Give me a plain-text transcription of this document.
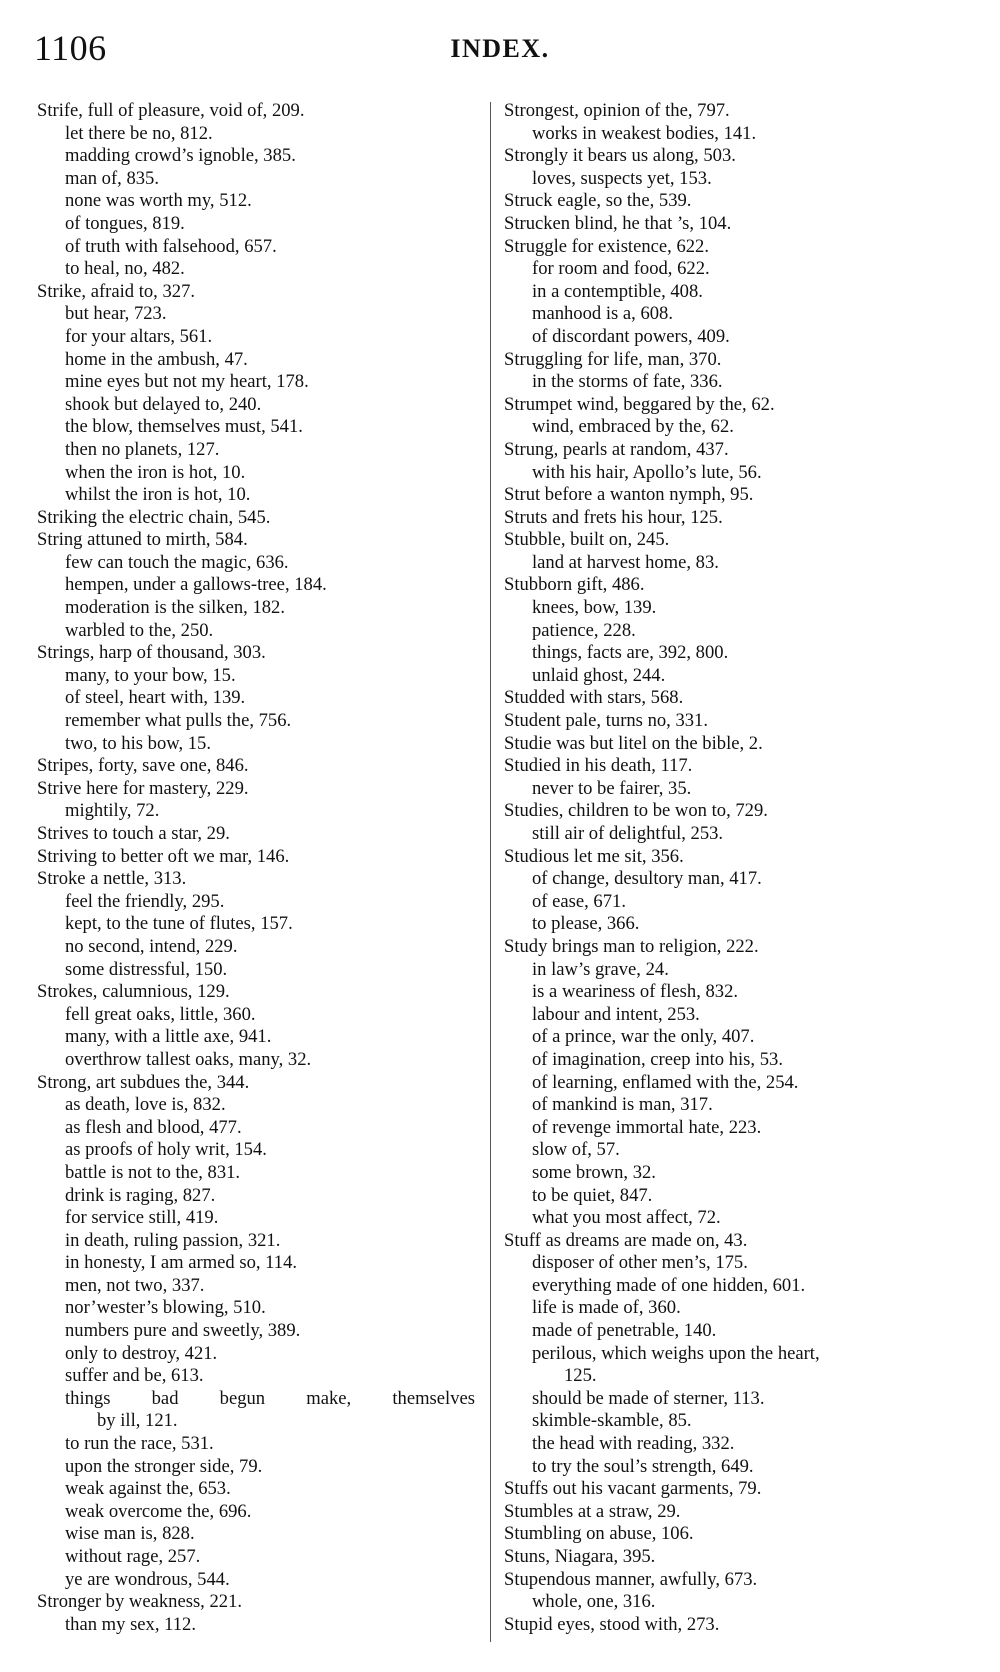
1106	INDEX.
Strife, full of pleasure, void of, 209.
let there be no, 812.
madding crowd’s ignoble, 385.
man of, 835.
none was worth my, 512.
of tongues, 819.
of truth with falsehood, 657.
to heal, no, 482.
Strike, afraid to, 327.
but hear, 723.
for your altars, 561.
home in the ambush, 47.
mine eyes but not my heart, 178.
shook but delayed to, 240.
the blow, themselves must, 541.
then no planets, 127.
when the iron is hot, 10.
whilst the iron is hot, 10.
Striking the electric chain, 545.
String attuned to mirth, 584.
few can touch the magic, 636.
hempen, under a gallows-tree, 184.
moderation is the silken, 182.
warbled to the, 250.
Strings, harp of thousand, 303.
many, to your bow, 15.
of steel, heart with, 139.
remember what pulls the, 756.
two, to his bow, 15.
Stripes, forty, save one, 846.
Strive here for mastery, 229.
mightily, 72.
Strives to touch a star, 29.
Striving to better oft we mar, 146.
Stroke a nettle, 313.
feel the friendly, 295.
kept, to the tune of flutes, 157.
no second, intend, 229.
some distressful, 150.
Strokes, calumnious, 129.
fell great oaks, little, 360.
many, with a little axe, 941.
overthrow tallest oaks, many, 32.
Strong, art subdues the, 344.
as death, love is, 832.
as flesh and blood, 477.
as proofs of holy writ, 154.
battle is not to the, 831.
drink is raging, 827.
for service still, 419.
in death, ruling passion, 321.
in honesty, I am armed so, 114.
men, not two, 337.
nor’wester’s blowing, 510.
numbers pure and sweetly, 389.
only to destroy, 421.
suffer and be, 613.
things bad begun make, themselves
by ill, 121.
to run the race, 531.
upon the stronger side, 79.
weak against the, 653.
weak overcome the, 696.
wise man is, 828.
without rage, 257.
ye are wondrous, 544.
Stronger by weakness, 221.
than my sex, 112.
Strongest, opinion of the, 797.
works in weakest bodies, 141.
Strongly it bears us along, 503.
loves, suspects yet, 153.
Struck eagle, so the, 539.
Strucken blind, he that ’s, 104.
Struggle for existence, 622.
for room and food, 622.
in a contemptible, 408.
manhood is a, 608.
of discordant powers, 409.
Struggling for life, man, 370.
in the storms of fate, 336.
Strumpet wind, beggared by the, 62.
wind, embraced by the, 62.
Strung, pearls at random, 437.
with his hair, Apollo’s lute, 56.
Strut before a wanton nymph, 95.
Struts and frets his hour, 125.
Stubble, built on, 245.
land at harvest home, 83.
Stubborn gift, 486.
knees, bow, 139.
patience, 228.
things, facts are, 392, 800.
unlaid ghost, 244.
Studded with stars, 568.
Student pale, turns no, 331.
Studie was but litel on the bible, 2.
Studied in his death, 117.
never to be fairer, 35.
Studies, children to be won to, 729.
still air of delightful, 253.
Studious let me sit, 356.
of change, desultory man, 417.
of ease, 671.
to please, 366.
Study brings man to religion, 222.
in law’s grave, 24.
is a weariness of flesh, 832.
labour and intent, 253.
of a prince, war the only, 407.
of imagination, creep into his, 53.
of learning, enflamed with the, 254.
of mankind is man, 317.
of revenge immortal hate, 223.
slow of, 57.
some brown, 32.
to be quiet, 847.
what you most affect, 72.
Stuff as dreams are made on, 43.
disposer of other men’s, 175.
everything made of one hidden, 601.
life is made of, 360.
made of penetrable, 140.
perilous, which weighs upon the heart,
125.
should be made of sterner, 113.
skimble-skamble, 85.
the head with reading, 332.
to try the soul’s strength, 649.
Stuffs out his vacant garments, 79.
Stumbles at a straw, 29.
Stumbling on abuse, 106.
Stuns, Niagara, 395.
Stupendous manner, awfully, 673.
whole, one, 316.
Stupid eyes, stood with, 273.
